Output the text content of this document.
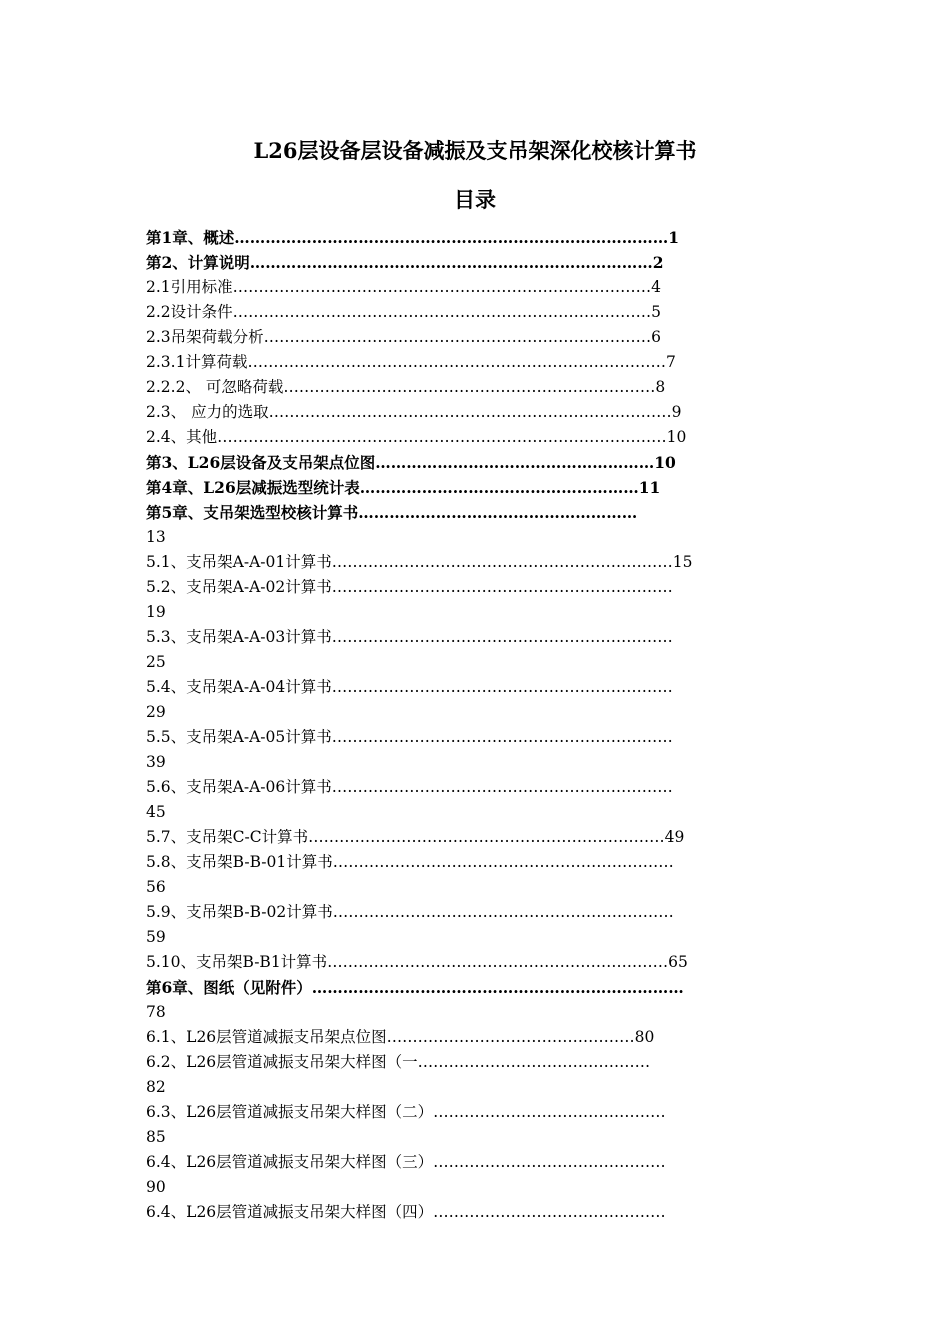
L26层设备层设备减振及支吊架深化校核计算书
目录
第1章、概述…………………………………………………………………………1
第2、计算说明……………………………………………………………………2
2.1引用标准………………………………………………………………………4
2.2设计条件………………………………………………………………………5
2.3吊架荷载分析…………………………………………………………………6
2.3.1计算荷载………………………………………………………………………7
2.2.2、 可忽略荷载………………………………………………………………8
2.3、 应力的选取……………………………………………………………………9
2.4、其他……………………………………………………………………………10
第3、L26层设备及支吊架点位图………………………………………………10
第4章、L26层减振选型统计表………………………………………………11
第5章、支吊架选型校核计算书………………………………………………
13
5.1、支吊架A-A-01计算书…………………………………………………………15
5.2、支吊架A-A-02计算书…………………………………………………………
19
5.3、支吊架A-A-03计算书…………………………………………………………
25
5.4、支吊架A-A-04计算书…………………………………………………………
29
5.5、支吊架A-A-05计算书…………………………………………………………
39
5.6、支吊架A-A-06计算书…………………………………………………………
45
5.7、支吊架C-C计算书……………………………………………………………49
5.8、支吊架B-B-01计算书…………………………………………………………
56
5.9、支吊架B-B-02计算书…………………………………………………………
59
5.10、支吊架B-B1计算书…………………………………………………………65
第6章、图纸（见附件）………………………………………………………………
78
6.1、L26层管道减振支吊架点位图…………………………………………80
6.2、L26层管道减振支吊架大样图（一………………………………………
82
6.3、L26层管道减振支吊架大样图（二）………………………………………
85
6.4、L26层管道减振支吊架大样图（三）………………………………………
90
6.4、L26层管道减振支吊架大样图（四）………………………………………
